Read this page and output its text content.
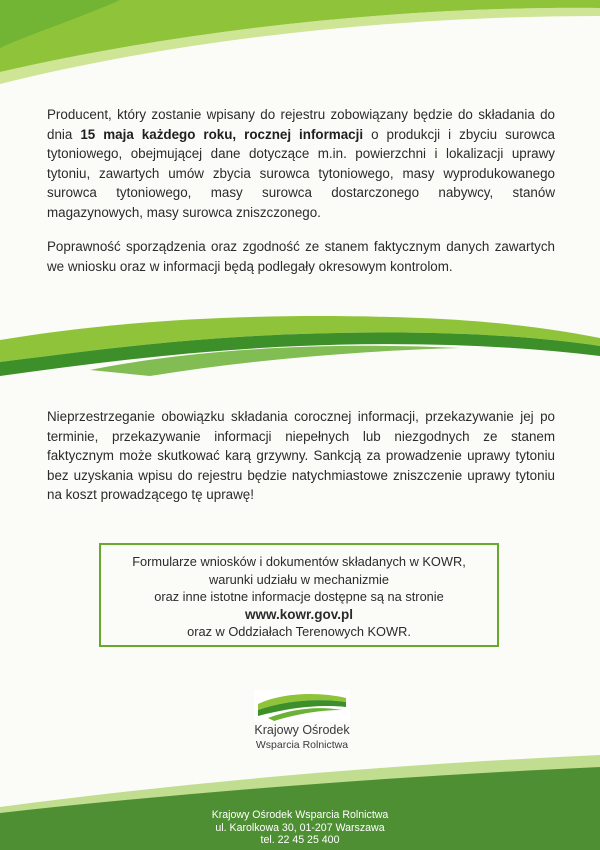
Producent, który zostanie wpisany do rejestru zobowiązany będzie do składania do dnia 15 maja każdego roku, rocznej informacji o produkcji i zbyciu surowca tytoniowego, obejmującej dane dotyczące m.in. powierzchni i lokalizacji uprawy tytoniu, zawartych umów zbycia surowca tytoniowego, masy wyprodukowanego surowca tytoniowego, masy surowca dostarczonego nabywcy, stanów magazynowych, masy surowca zniszczonego.

Poprawność sporządzenia oraz zgodność ze stanem faktycznym danych zawartych we wniosku oraz w informacji będą podlegały okresowym kontrolom.

Nieprzestrzeganie obowiązku składania corocznej informacji, przekazywanie jej po terminie, przekazywanie informacji niepełnych lub niezgodnych ze stanem faktycznym może skutkować karą grzywny. Sankcją za prowadzenie uprawy tytoniu bez uzyskania wpisu do rejestru będzie natychmiastowe zniszczenie uprawy tytoniu na koszt prowadzącego tę uprawę!

Formularze wniosków i dokumentów składanych w KOWR,
warunki udziału w mechanizmie
oraz inne istotne informacje dostępne są na stronie
www.kowr.gov.pl
oraz w Oddziałach Terenowych KOWR.
Krajowy Ośrodek
Wsparcia Rolnictwa
Krajowy Ośrodek Wsparcia Rolnictwa
ul. Karolkowa 30, 01-207 Warszawa
tel. 22 45 25 400
